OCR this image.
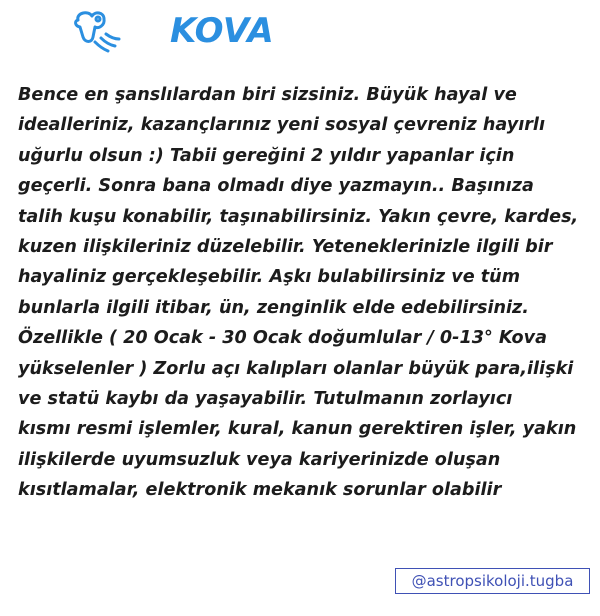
KOVA

Bence en şanslılardan biri sizsiniz. Büyük hayal ve
idealleriniz, kazançlarınız yeni sosyal çevreniz hayırlı
uğurlu olsun :) Tabii gereğini 2 yıldır yapanlar için
geçerli. Sonra bana olmadı diye yazmayın.. Başınıza
talih kuşu konabilir, taşınabilirsiniz. Yakın çevre, kardes,
kuzen ilişkileriniz düzelebilir. Yeteneklerinizle ilgili bir
hayaliniz gerçekleşebilir. Aşkı bulabilirsiniz ve tüm
bunlarla ilgili itibar, ün, zenginlik elde edebilirsiniz.
Özellikle ( 20 Ocak - 30 Ocak doğumlular / 0-13° Kova
yükselenler ) Zorlu açı kalıpları olanlar büyük para,ilişki
ve statü kaybı da yaşayabilir. Tutulmanın zorlayıcı
kısmı resmi işlemler, kural, kanun gerektiren işler, yakın
ilişkilerde uyumsuzluk veya kariyerinizde oluşan
kısıtlamalar, elektronik mekanık sorunlar olabilir

@astropsikoloji.tugba
